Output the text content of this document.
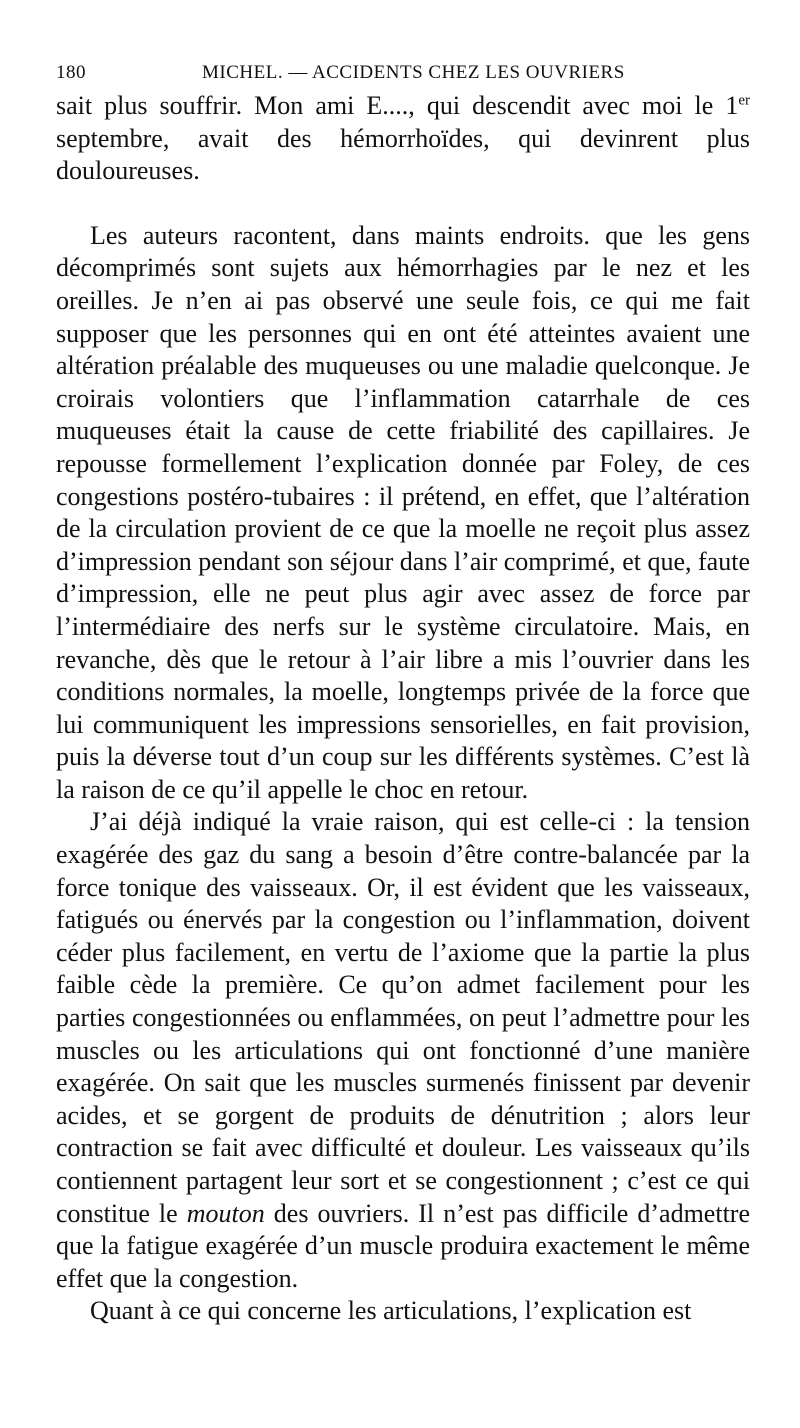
180	MICHEL. — ACCIDENTS CHEZ LES OUVRIERS

sait plus souffrir. Mon ami E...., qui descendit avec moi le 1er septembre, avait des hémorrhoïdes, qui devinrent plus douloureuses.

Les auteurs racontent, dans maints endroits. que les gens décomprimés sont sujets aux hémorrhagies par le nez et les oreilles. Je n’en ai pas observé une seule fois, ce qui me fait supposer que les personnes qui en ont été atteintes avaient une altération préalable des muqueuses ou une maladie quelconque. Je croirais volontiers que l’inflammation catarrhale de ces muqueuses était la cause de cette friabilité des capillaires. Je repousse formellement l’explication donnée par Foley, de ces congestions postéro-tubaires : il prétend, en effet, que l’altération de la circulation provient de ce que la moelle ne reçoit plus assez d’impression pendant son séjour dans l’air comprimé, et que, faute d’impression, elle ne peut plus agir avec assez de force par l’intermédiaire des nerfs sur le système circulatoire. Mais, en revanche, dès que le retour à l’air libre a mis l’ouvrier dans les conditions normales, la moelle, longtemps privée de la force que lui communiquent les impressions sensorielles, en fait provision, puis la déverse tout d’un coup sur les différents systèmes. C’est là la raison de ce qu’il appelle le choc en retour.

J’ai déjà indiqué la vraie raison, qui est celle-ci : la tension exagérée des gaz du sang a besoin d’être contre-balancée par la force tonique des vaisseaux. Or, il est évident que les vaisseaux, fatigués ou énervés par la congestion ou l’inflammation, doivent céder plus facilement, en vertu de l’axiome que la partie la plus faible cède la première. Ce qu’on admet facilement pour les parties congestionnées ou enflammées, on peut l’admettre pour les muscles ou les articulations qui ont fonctionné d’une manière exagérée. On sait que les muscles surmenés finissent par devenir acides, et se gorgent de produits de dénutrition ; alors leur contraction se fait avec difficulté et douleur. Les vaisseaux qu’ils contiennent partagent leur sort et se congestionnent ; c’est ce qui constitue le mouton des ouvriers. Il n’est pas difficile d’admettre que la fatigue exagérée d’un muscle produira exactement le même effet que la congestion.

Quant à ce qui concerne les articulations, l’explication est
